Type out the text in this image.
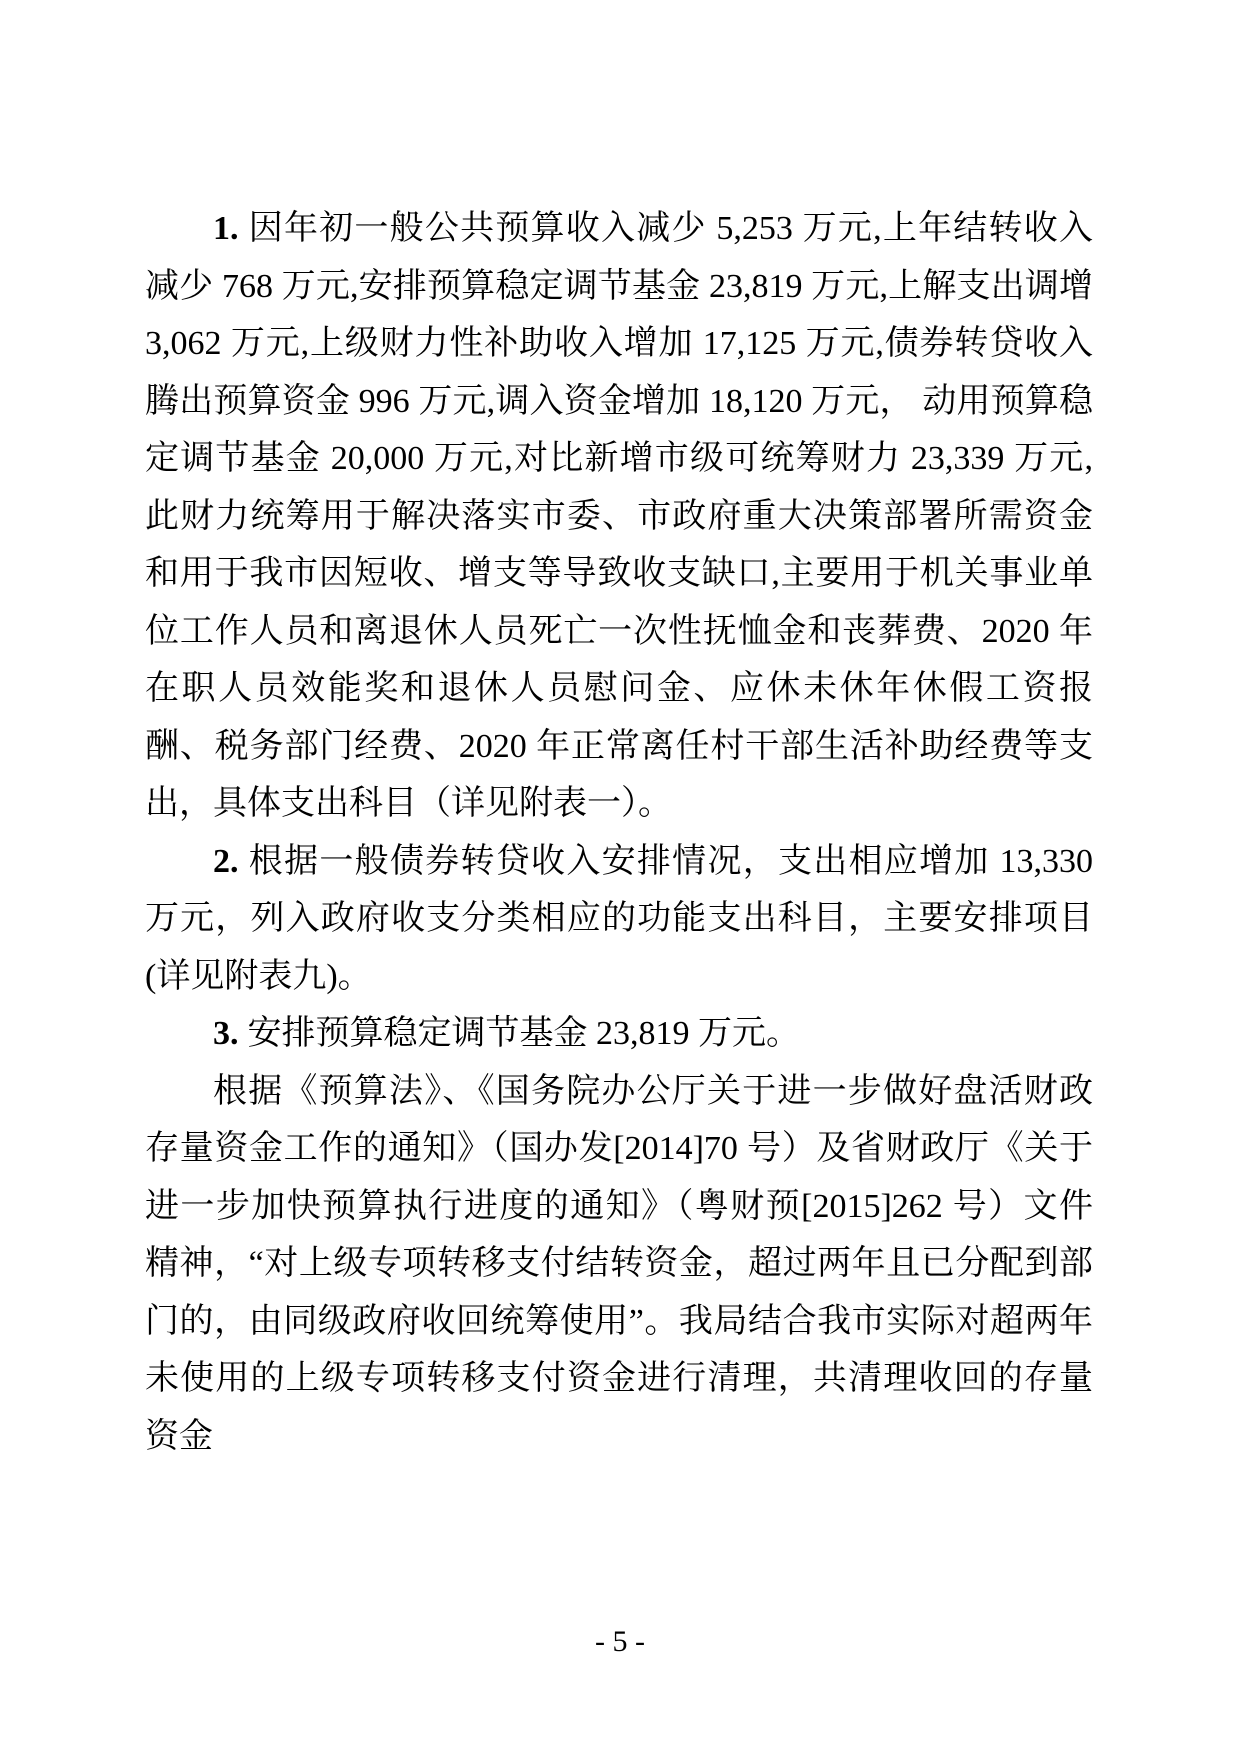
1. 因年初一般公共预算收入减少 5,253 万元,上年结转收入减少 768 万元,安排预算稳定调节基金 23,819 万元,上解支出调增 3,062 万元,上级财力性补助收入增加 17,125 万元,债券转贷收入腾出预算资金 996 万元,调入资金增加 18,120 万元， 动用预算稳定调节基金 20,000 万元,对比新增市级可统筹财力 23,339 万元,此财力统筹用于解决落实市委、市政府重大决策部署所需资金和用于我市因短收、增支等导致收支缺口,主要用于机关事业单位工作人员和离退休人员死亡一次性抚恤金和丧葬费、2020 年在职人员效能奖和退休人员慰问金、应休未休年休假工资报酬、税务部门经费、2020 年正常离任村干部生活补助经费等支出，具体支出科目（详见附表一）。

2. 根据一般债券转贷收入安排情况，支出相应增加 13,330 万元，列入政府收支分类相应的功能支出科目，主要安排项目(详见附表九)。

3. 安排预算稳定调节基金 23,819 万元。

根据《预算法》、《国务院办公厅关于进一步做好盘活财政存量资金工作的通知》（国办发[2014]70 号）及省财政厅《关于进一步加快预算执行进度的通知》（粤财预[2015]262 号）文件精神，“对上级专项转移支付结转资金，超过两年且已分配到部门的，由同级政府收回统筹使用”。我局结合我市实际对超两年未使用的上级专项转移支付资金进行清理，共清理收回的存量资金

- 5 -
